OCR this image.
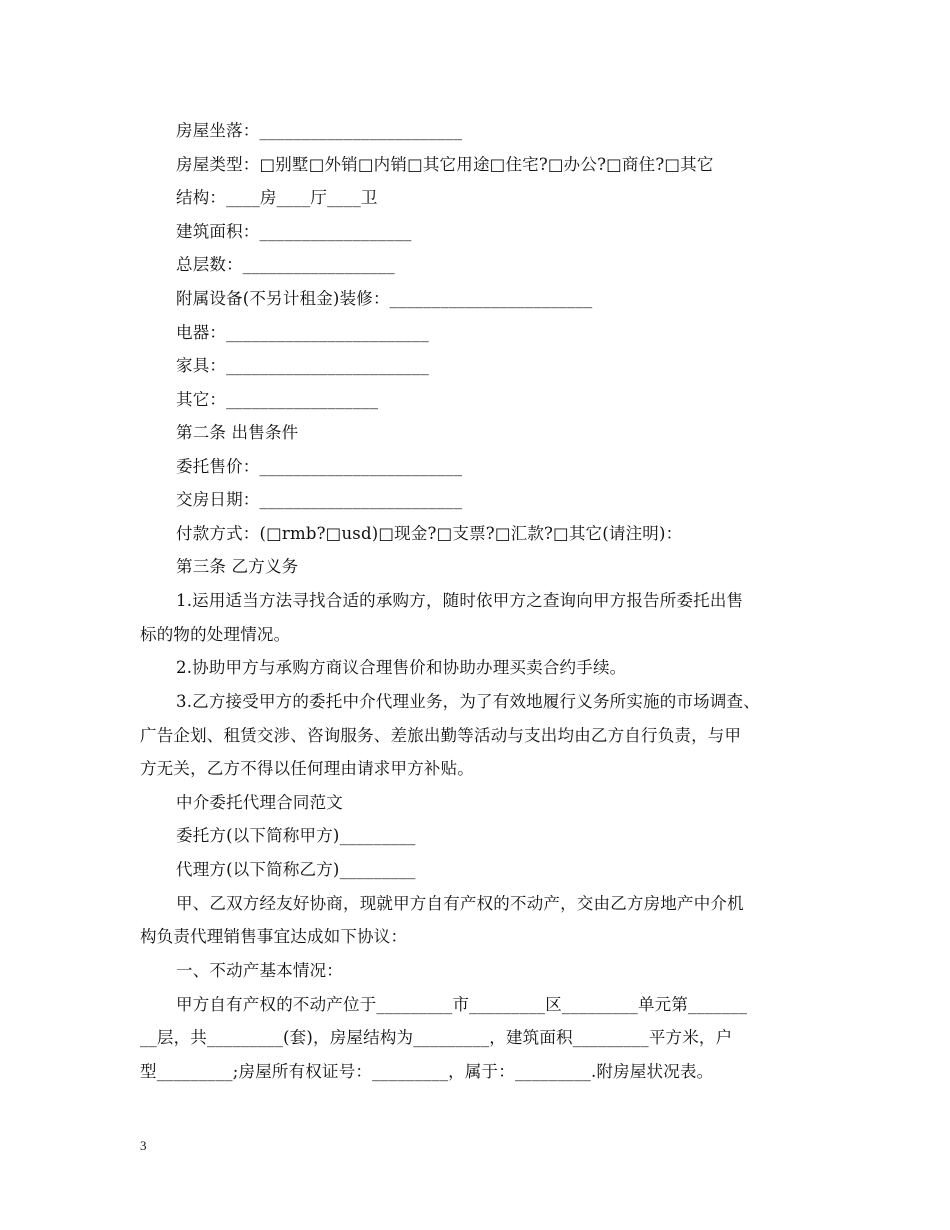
房屋坐落：________________________
房屋类型：□别墅□外销□内销□其它用途□住宅?□办公?□商住?□其它
结构：____房____厅____卫
建筑面积：__________________
总层数：__________________
附属设备(不另计租金)装修：________________________
电器：________________________
家具：________________________
其它：__________________
第二条 出售条件
委托售价：________________________
交房日期：________________________
付款方式：(□rmb?□usd)□现金?□支票?□汇款?□其它(请注明)：
第三条 乙方义务
1.运用适当方法寻找合适的承购方，随时依甲方之查询向甲方报告所委托出售
标的物的处理情况。
2.协助甲方与承购方商议合理售价和协助办理买卖合约手续。
3.乙方接受甲方的委托中介代理业务，为了有效地履行义务所实施的市场调查、
广告企划、租赁交涉、咨询服务、差旅出勤等活动与支出均由乙方自行负责，与甲
方无关，乙方不得以任何理由请求甲方补贴。
中介委托代理合同范文
委托方(以下简称甲方)_________
代理方(以下简称乙方)_________
甲、乙双方经友好协商，现就甲方自有产权的不动产，交由乙方房地产中介机
构负责代理销售事宜达成如下协议：
一、不动产基本情况：
甲方自有产权的不动产位于_________市_________区_________单元第_______
__层，共_________(套)，房屋结构为_________，建筑面积_________平方米，户
型_________;房屋所有权证号：_________，属于：_________.附房屋状况表。
3
